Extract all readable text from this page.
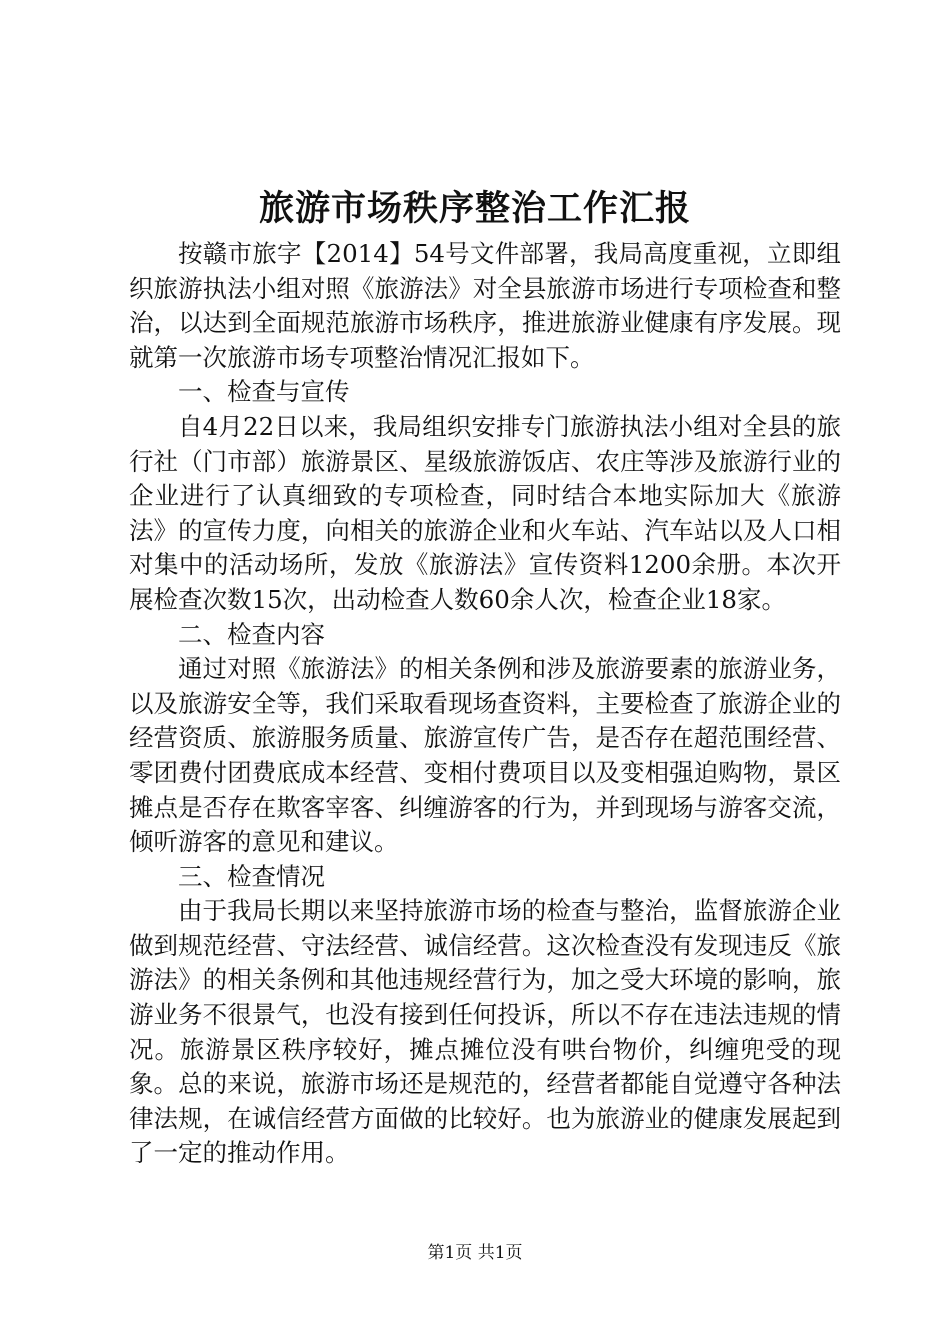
旅游市场秩序整治工作汇报

按赣市旅字【2014】54号文件部署，我局高度重视，立即组织旅游执法小组对照《旅游法》对全县旅游市场进行专项检查和整治，以达到全面规范旅游市场秩序，推进旅游业健康有序发展。现就第一次旅游市场专项整治情况汇报如下。

一、检查与宣传

自4月22日以来，我局组织安排专门旅游执法小组对全县的旅行社（门市部）旅游景区、星级旅游饭店、农庄等涉及旅游行业的企业进行了认真细致的专项检查，同时结合本地实际加大《旅游法》的宣传力度，向相关的旅游企业和火车站、汽车站以及人口相对集中的活动场所，发放《旅游法》宣传资料1200余册。本次开展检查次数15次，出动检查人数60余人次，检查企业18家。

二、检查内容

通过对照《旅游法》的相关条例和涉及旅游要素的旅游业务，以及旅游安全等，我们采取看现场查资料，主要检查了旅游企业的经营资质、旅游服务质量、旅游宣传广告，是否存在超范围经营、零团费付团费底成本经营、变相付费项目以及变相强迫购物，景区摊点是否存在欺客宰客、纠缠游客的行为，并到现场与游客交流，倾听游客的意见和建议。

三、检查情况

由于我局长期以来坚持旅游市场的检查与整治，监督旅游企业做到规范经营、守法经营、诚信经营。这次检查没有发现违反《旅游法》的相关条例和其他违规经营行为，加之受大环境的影响，旅游业务不很景气，也没有接到任何投诉，所以不存在违法违规的情况。旅游景区秩序较好，摊点摊位没有哄台物价，纠缠兜受的现象。总的来说，旅游市场还是规范的，经营者都能自觉遵守各种法律法规，在诚信经营方面做的比较好。也为旅游业的健康发展起到了一定的推动作用。

第1页 共1页
